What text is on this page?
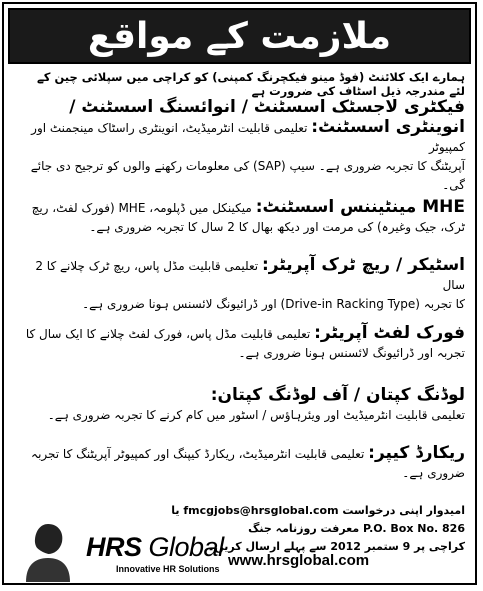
ملازمت کے مواقع
ہمارے ایک کلائنٹ (فوڈ مینو فیکچرنگ کمپنی) کو کراچی میں سپلائی چین کے لئے مندرجہ ذیل اسٹاف کی ضرورت ہے
فیکٹری لاجسٹک اسسٹنٹ / انوائسنگ اسسٹنٹ /
انوینٹری اسسٹنٹ: تعلیمی قابلیت انٹرمیڈیٹ، انوینٹری راسٹاک مینجمنٹ اور کمپیوٹر
آپریٹنگ کا تجربہ ضروری ہے۔ سیپ (SAP) کی معلومات رکھنے والوں کو ترجیح دی جائے گی۔
MHE مینٹیننس اسسٹنٹ: میکینکل میں ڈپلومہ، MHE (فورک لفٹ، ریچ
ٹرک، جیک وغیرہ) کی مرمت اور دیکھ بھال کا 2 سال کا تجربہ ضروری ہے۔
اسٹیکر / ریچ ٹرک آپریٹر: تعلیمی قابلیت مڈل پاس، ریچ ٹرک چلانے کا 2 سال
کا تجربہ (Drive-in Racking Type) اور ڈرائیونگ لائسنس ہونا ضروری ہے۔
فورک لفٹ آپریٹر: تعلیمی قابلیت مڈل پاس، فورک لفٹ چلانے کا ایک سال کا
تجربہ اور ڈرائیونگ لائسنس ہونا ضروری ہے۔
لوڈنگ کپتان / آف لوڈنگ کپتان:
تعلیمی قابلیت انٹرمیڈیٹ اور ویئرہاؤس / اسٹور میں کام کرنے کا تجربہ ضروری ہے۔
ریکارڈ کیپر: تعلیمی قابلیت انٹرمیڈیٹ، ریکارڈ کیپنگ اور کمپیوٹر آپریٹنگ کا تجربہ ضروری ہے۔
امیدوار اپنی درخواست fmcgjobs@hrsglobal.com یا P.O. Box No. 826 معرفت روزنامہ جنگ
کراچی پر 9 ستمبر 2012 سے پہلے ارسال کریں۔
HRS Global
Innovative HR Solutions www.hrsglobal.com
